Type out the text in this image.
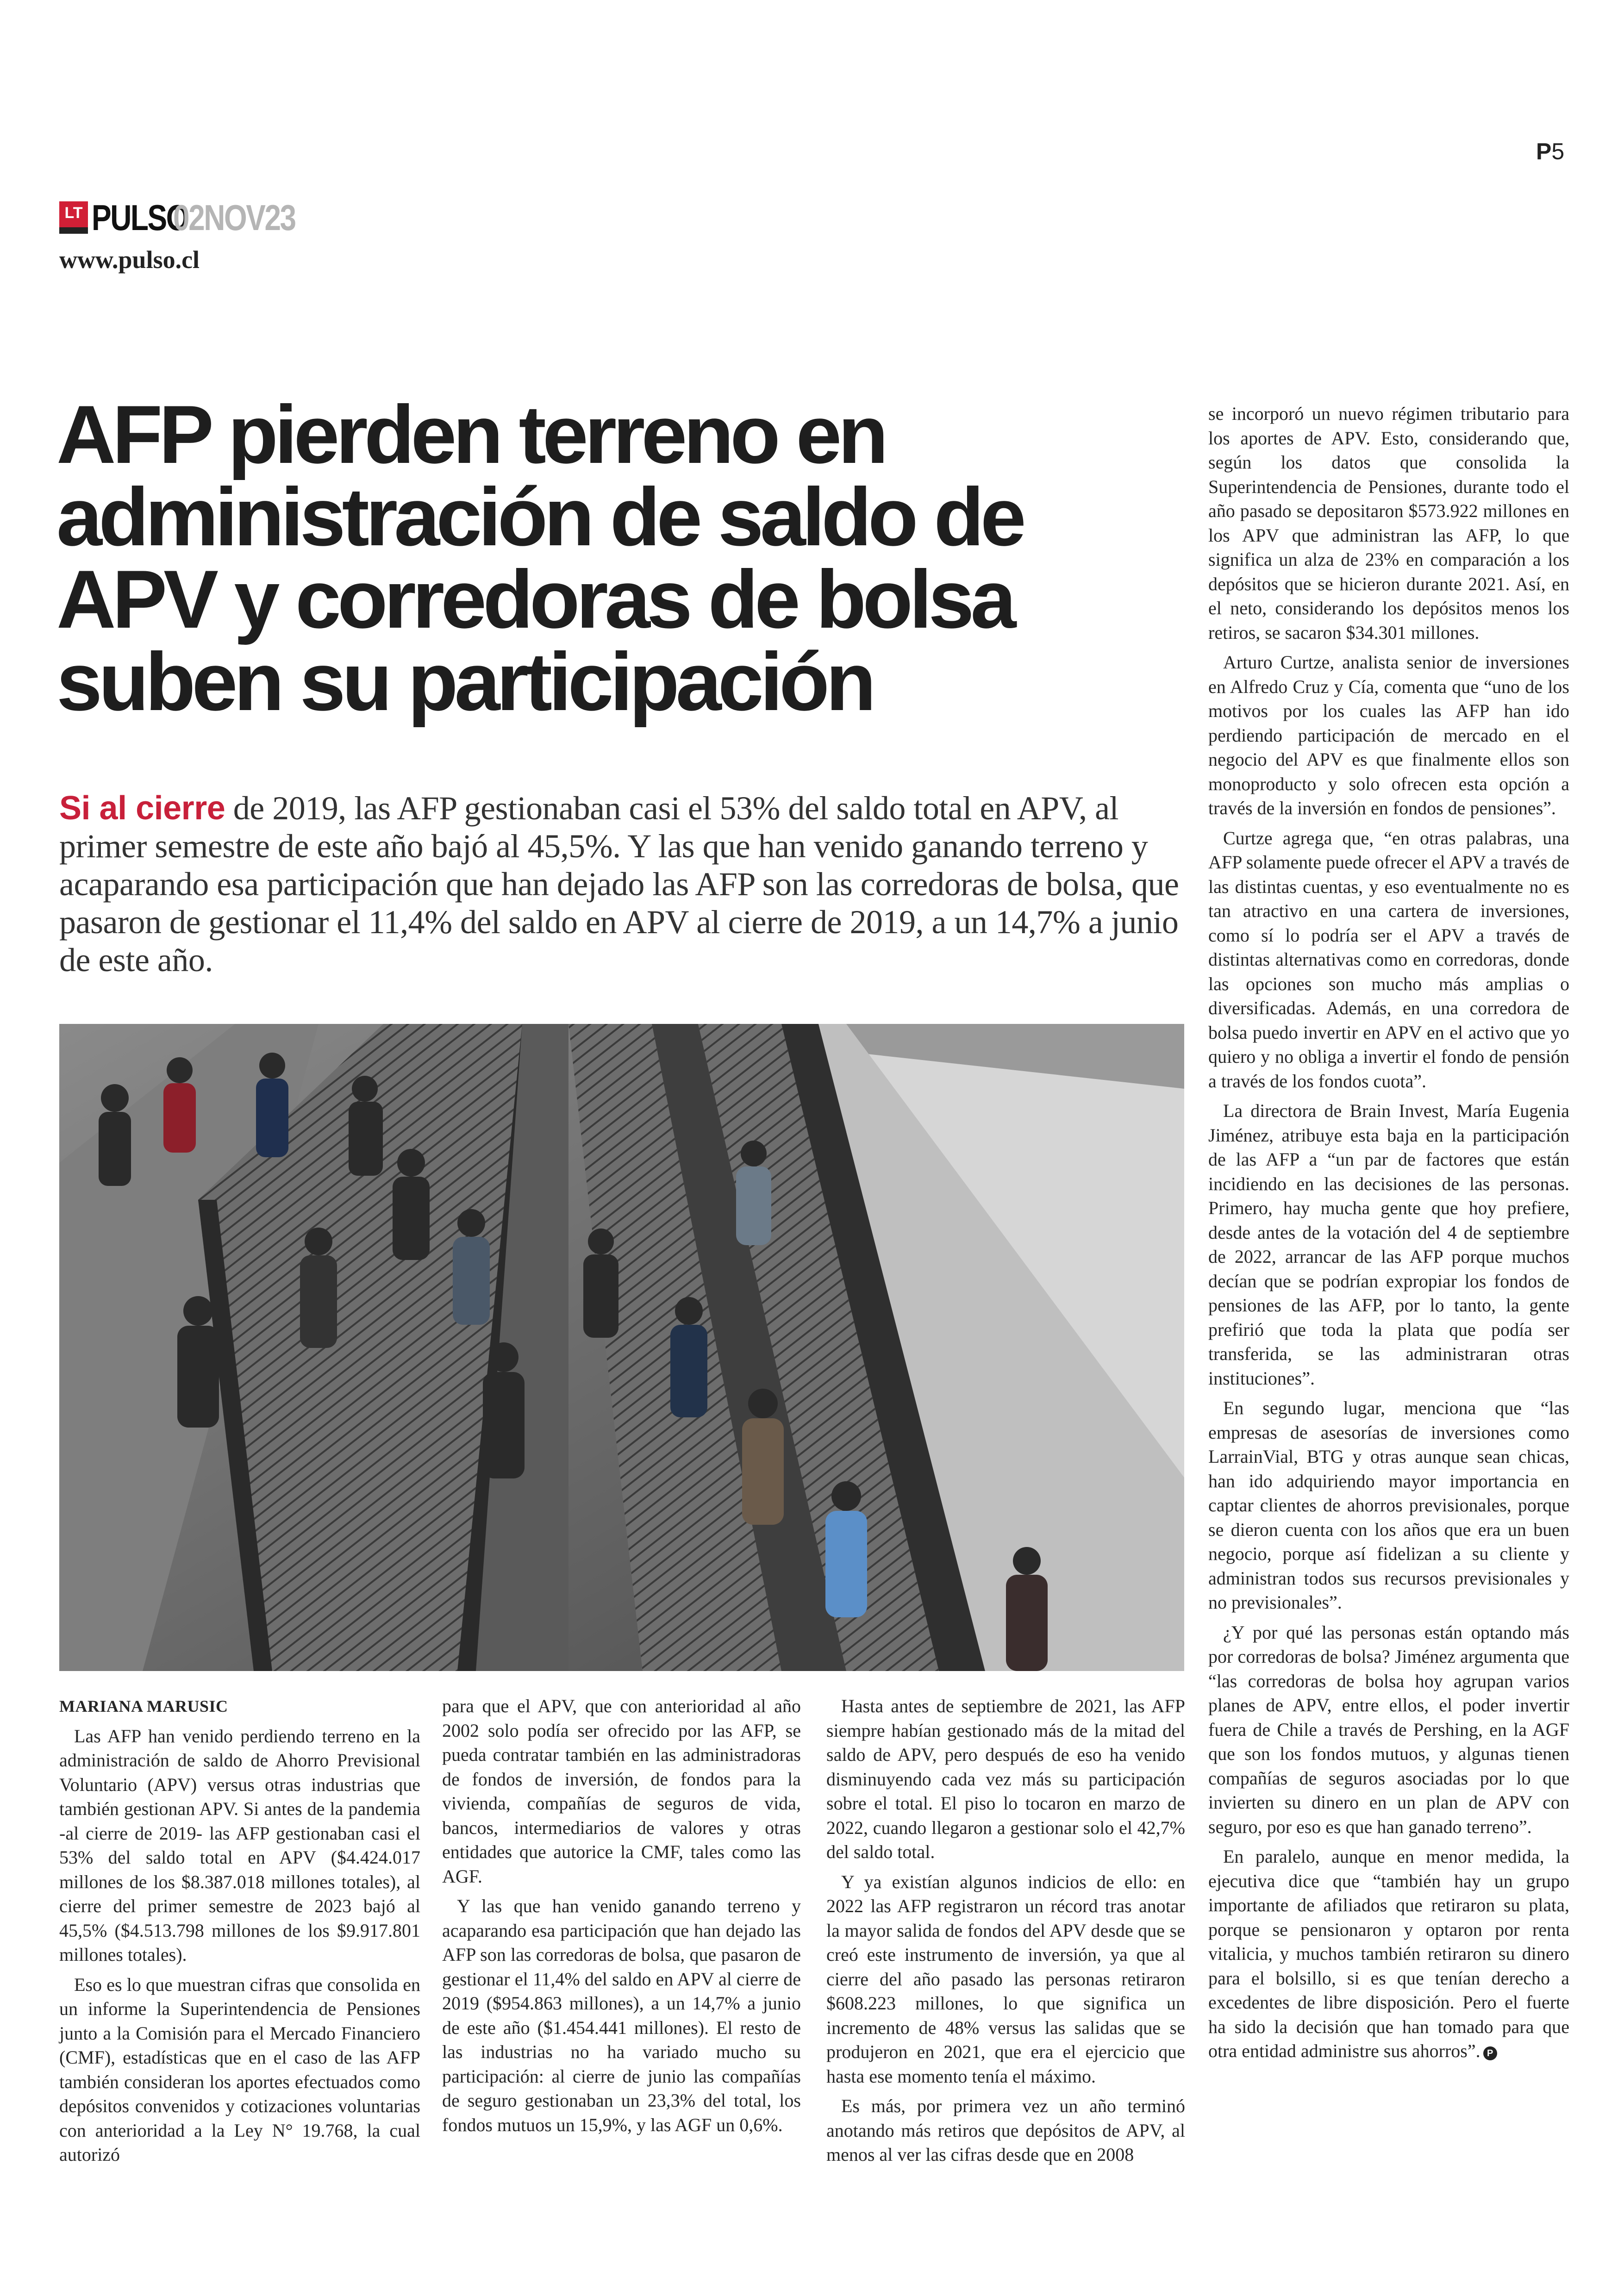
P5
LT PULSO
02NOV23
www.pulso.cl
AFP pierden terreno en administración de saldo de APV y corredoras de bolsa suben su participación
Si al cierre de 2019, las AFP gestionaban casi el 53% del saldo total en APV, al primer semestre de este año bajó al 45,5%. Y las que han venido ganando terreno y acaparando esa participación que han dejado las AFP son las corredoras de bolsa, que pasaron de gestionar el 11,4% del saldo en APV al cierre de 2019, a un 14,7% a junio de este año.

MARIANA MARUSIC

Las AFP han venido perdiendo terreno en la administración de saldo de Ahorro Previsional Voluntario (APV) versus otras industrias que también gestionan APV. Si antes de la pandemia -al cierre de 2019- las AFP gestionaban casi el 53% del saldo total en APV ($4.424.017 millones de los $8.387.018 millones totales), al cierre del primer semestre de 2023 bajó al 45,5% ($4.513.798 millones de los $9.917.801 millones totales).

Eso es lo que muestran cifras que consolida en un informe la Superintendencia de Pensiones junto a la Comisión para el Mercado Financiero (CMF), estadísticas que en el caso de las AFP también consideran los aportes efectuados como depósitos convenidos y cotizaciones voluntarias con anterioridad a la Ley N° 19.768, la cual autorizó

para que el APV, que con anterioridad al año 2002 solo podía ser ofrecido por las AFP, se pueda contratar también en las administradoras de fondos de inversión, de fondos para la vivienda, compañías de seguros de vida, bancos, intermediarios de valores y otras entidades que autorice la CMF, tales como las AGF.

Y las que han venido ganando terreno y acaparando esa participación que han dejado las AFP son las corredoras de bolsa, que pasaron de gestionar el 11,4% del saldo en APV al cierre de 2019 ($954.863 millones), a un 14,7% a junio de este año ($1.454.441 millones). El resto de las industrias no ha variado mucho su participación: al cierre de junio las compañías de seguro gestionaban un 23,3% del total, los fondos mutuos un 15,9%, y las AGF un 0,6%.

Hasta antes de septiembre de 2021, las AFP siempre habían gestionado más de la mitad del saldo de APV, pero después de eso ha venido disminuyendo cada vez más su participación sobre el total. El piso lo tocaron en marzo de 2022, cuando llegaron a gestionar solo el 42,7% del saldo total.

Y ya existían algunos indicios de ello: en 2022 las AFP registraron un récord tras anotar la mayor salida de fondos del APV desde que se creó este instrumento de inversión, ya que al cierre del año pasado las personas retiraron $608.223 millones, lo que significa un incremento de 48% versus las salidas que se produjeron en 2021, que era el ejercicio que hasta ese momento tenía el máximo.

Es más, por primera vez un año terminó anotando más retiros que depósitos de APV, al menos al ver las cifras desde que en 2008

se incorporó un nuevo régimen tributario para los aportes de APV. Esto, considerando que, según los datos que consolida la Superintendencia de Pensiones, durante todo el año pasado se depositaron $573.922 millones en los APV que administran las AFP, lo que significa un alza de 23% en comparación a los depósitos que se hicieron durante 2021. Así, en el neto, considerando los depósitos menos los retiros, se sacaron $34.301 millones.

Arturo Curtze, analista senior de inversiones en Alfredo Cruz y Cía, comenta que “uno de los motivos por los cuales las AFP han ido perdiendo participación de mercado en el negocio del APV es que finalmente ellos son monoproducto y solo ofrecen esta opción a través de la inversión en fondos de pensiones”.

Curtze agrega que, “en otras palabras, una AFP solamente puede ofrecer el APV a través de las distintas cuentas, y eso eventualmente no es tan atractivo en una cartera de inversiones, como sí lo podría ser el APV a través de distintas alternativas como en corredoras, donde las opciones son mucho más amplias o diversificadas. Además, en una corredora de bolsa puedo invertir en APV en el activo que yo quiero y no obliga a invertir el fondo de pensión a través de los fondos cuota”.

La directora de Brain Invest, María Eugenia Jiménez, atribuye esta baja en la participación de las AFP a “un par de factores que están incidiendo en las decisiones de las personas. Primero, hay mucha gente que hoy prefiere, desde antes de la votación del 4 de septiembre de 2022, arrancar de las AFP porque muchos decían que se podrían expropiar los fondos de pensiones de las AFP, por lo tanto, la gente prefirió que toda la plata que podía ser transferida, se las administraran otras instituciones”.

En segundo lugar, menciona que “las empresas de asesorías de inversiones como LarrainVial, BTG y otras aunque sean chicas, han ido adquiriendo mayor importancia en captar clientes de ahorros previsionales, porque se dieron cuenta con los años que era un buen negocio, porque así fidelizan a su cliente y administran todos sus recursos previsionales y no previsionales”.

¿Y por qué las personas están optando más por corredoras de bolsa? Jiménez argumenta que “las corredoras de bolsa hoy agrupan varios planes de APV, entre ellos, el poder invertir fuera de Chile a través de Pershing, en la AGF que son los fondos mutuos, y algunas tienen compañías de seguros asociadas por lo que invierten su dinero en un plan de APV con seguro, por eso es que han ganado terreno”.

En paralelo, aunque en menor medida, la ejecutiva dice que “también hay un grupo importante de afiliados que retiraron su plata, porque se pensionaron y optaron por renta vitalicia, y muchos también retiraron su dinero para el bolsillo, si es que tenían derecho a excedentes de libre disposición. Pero el fuerte ha sido la decisión que han tomado para que otra entidad administre sus ahorros”. P
